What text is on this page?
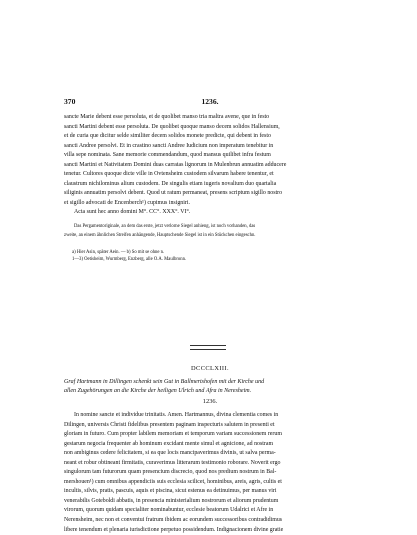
370	1236.

sancte Marie debent esse persoluta, et de quolibet manso tria maltra avene, que in festo

sancti Martini debent esse persoluta. De quolibet quoque manso decem solidos Hallensium,

et de curia que dicitur selde similiter decem solidos monete predicte, qui debent in festo

sancti Andree persolvi. Et in crastino sancti Andree Iudicium non imperatum tenebitur in

villa sepe nominata. Sane memorie commendandum, quod mansus quilibet infra festum

sancti Martini et Nativitatem Domini duas carratas lignorum in Mulenbrun annuatim adducere

tenetur. Cultores quoque dicte ville in Ovtensheim custodem silvarum habere tenentur, et

claustrum nichilominus alium custodem. De singulis etiam iugeris novalium duo quartalia

siliginis annuatim persolvi debent. Quod ut ratum permaneat, presens scriptum sigillo nostro

et sigillo advocati de Encenberch¹) cupimus insigniri.

Acta sunt hec anno domini M°. CC°. XXX°. VI°.

Das Pergamentoriginale, an dem das erste, jetzt verlorne Siegel anhieng, ist noch vorhanden, das

zweite, an einem ähnlichen Streifen anhängende, Hauptschende Siegel ist in ein Stückchen eingeschn.

a) Hier Asin, später Aein. — b) So mit se ohne n.

1—3) Oetisheim, Wurmberg, Enzberg, alle O.A. Maulbronn.

DCCCLXIII.

Graf Hartmann in Dillingen schenkt sein Gut in Ballmertshofen mit der Kirche und

allen Zugehörungen an die Kirche der heiligen Ulrich und Afra in Neresheim.

1236.

In nomine sancte et individue trinitatis. Amen. Hartmannus, divina clementia comes in

Dilingen, universis Christi fidelibus presentem paginam inspecturis salutem in presenti et

gloriam in futuro. Cum propter labilem memoriam et temporum variam successionem rerum

gestarum negocia frequenter ab hominum excidant mente simul et agnicione, ad nostram

non ambiginus cedere felicitatem, si ea que locis mancipaverimus divinis, ut salva perma-

neant et robur obtineant firmitatis, curaverimus litterarum testimonio roborare. Noverit ergo

singulorum tam futurorum quam presencium discrecio, quod nos predium nostrum in Bal-

mershouen¹) cum omnibus appendiciis suis ecclesia scilicet, hominibus, areis, agris, cultis et

incultis, silvis, pratis, pascuis, aquis et piscina, sicut estenus ea detinuimus, per manus viri

venerabilis Goteboldi abbatis, in presencia ministerialium nostrorum et aliorum prudentum

virorum, quorum quidam specialiter nominabuntur, ecclesie beatorum Udalrici et Afre in

Nerensheim, nec non et conventui fratrum ibidem ac eorundem successoribus contradidimus

libere tenendum et plenaria iurisdictione perpetuo possidendum. Indignacionem divine gratie
